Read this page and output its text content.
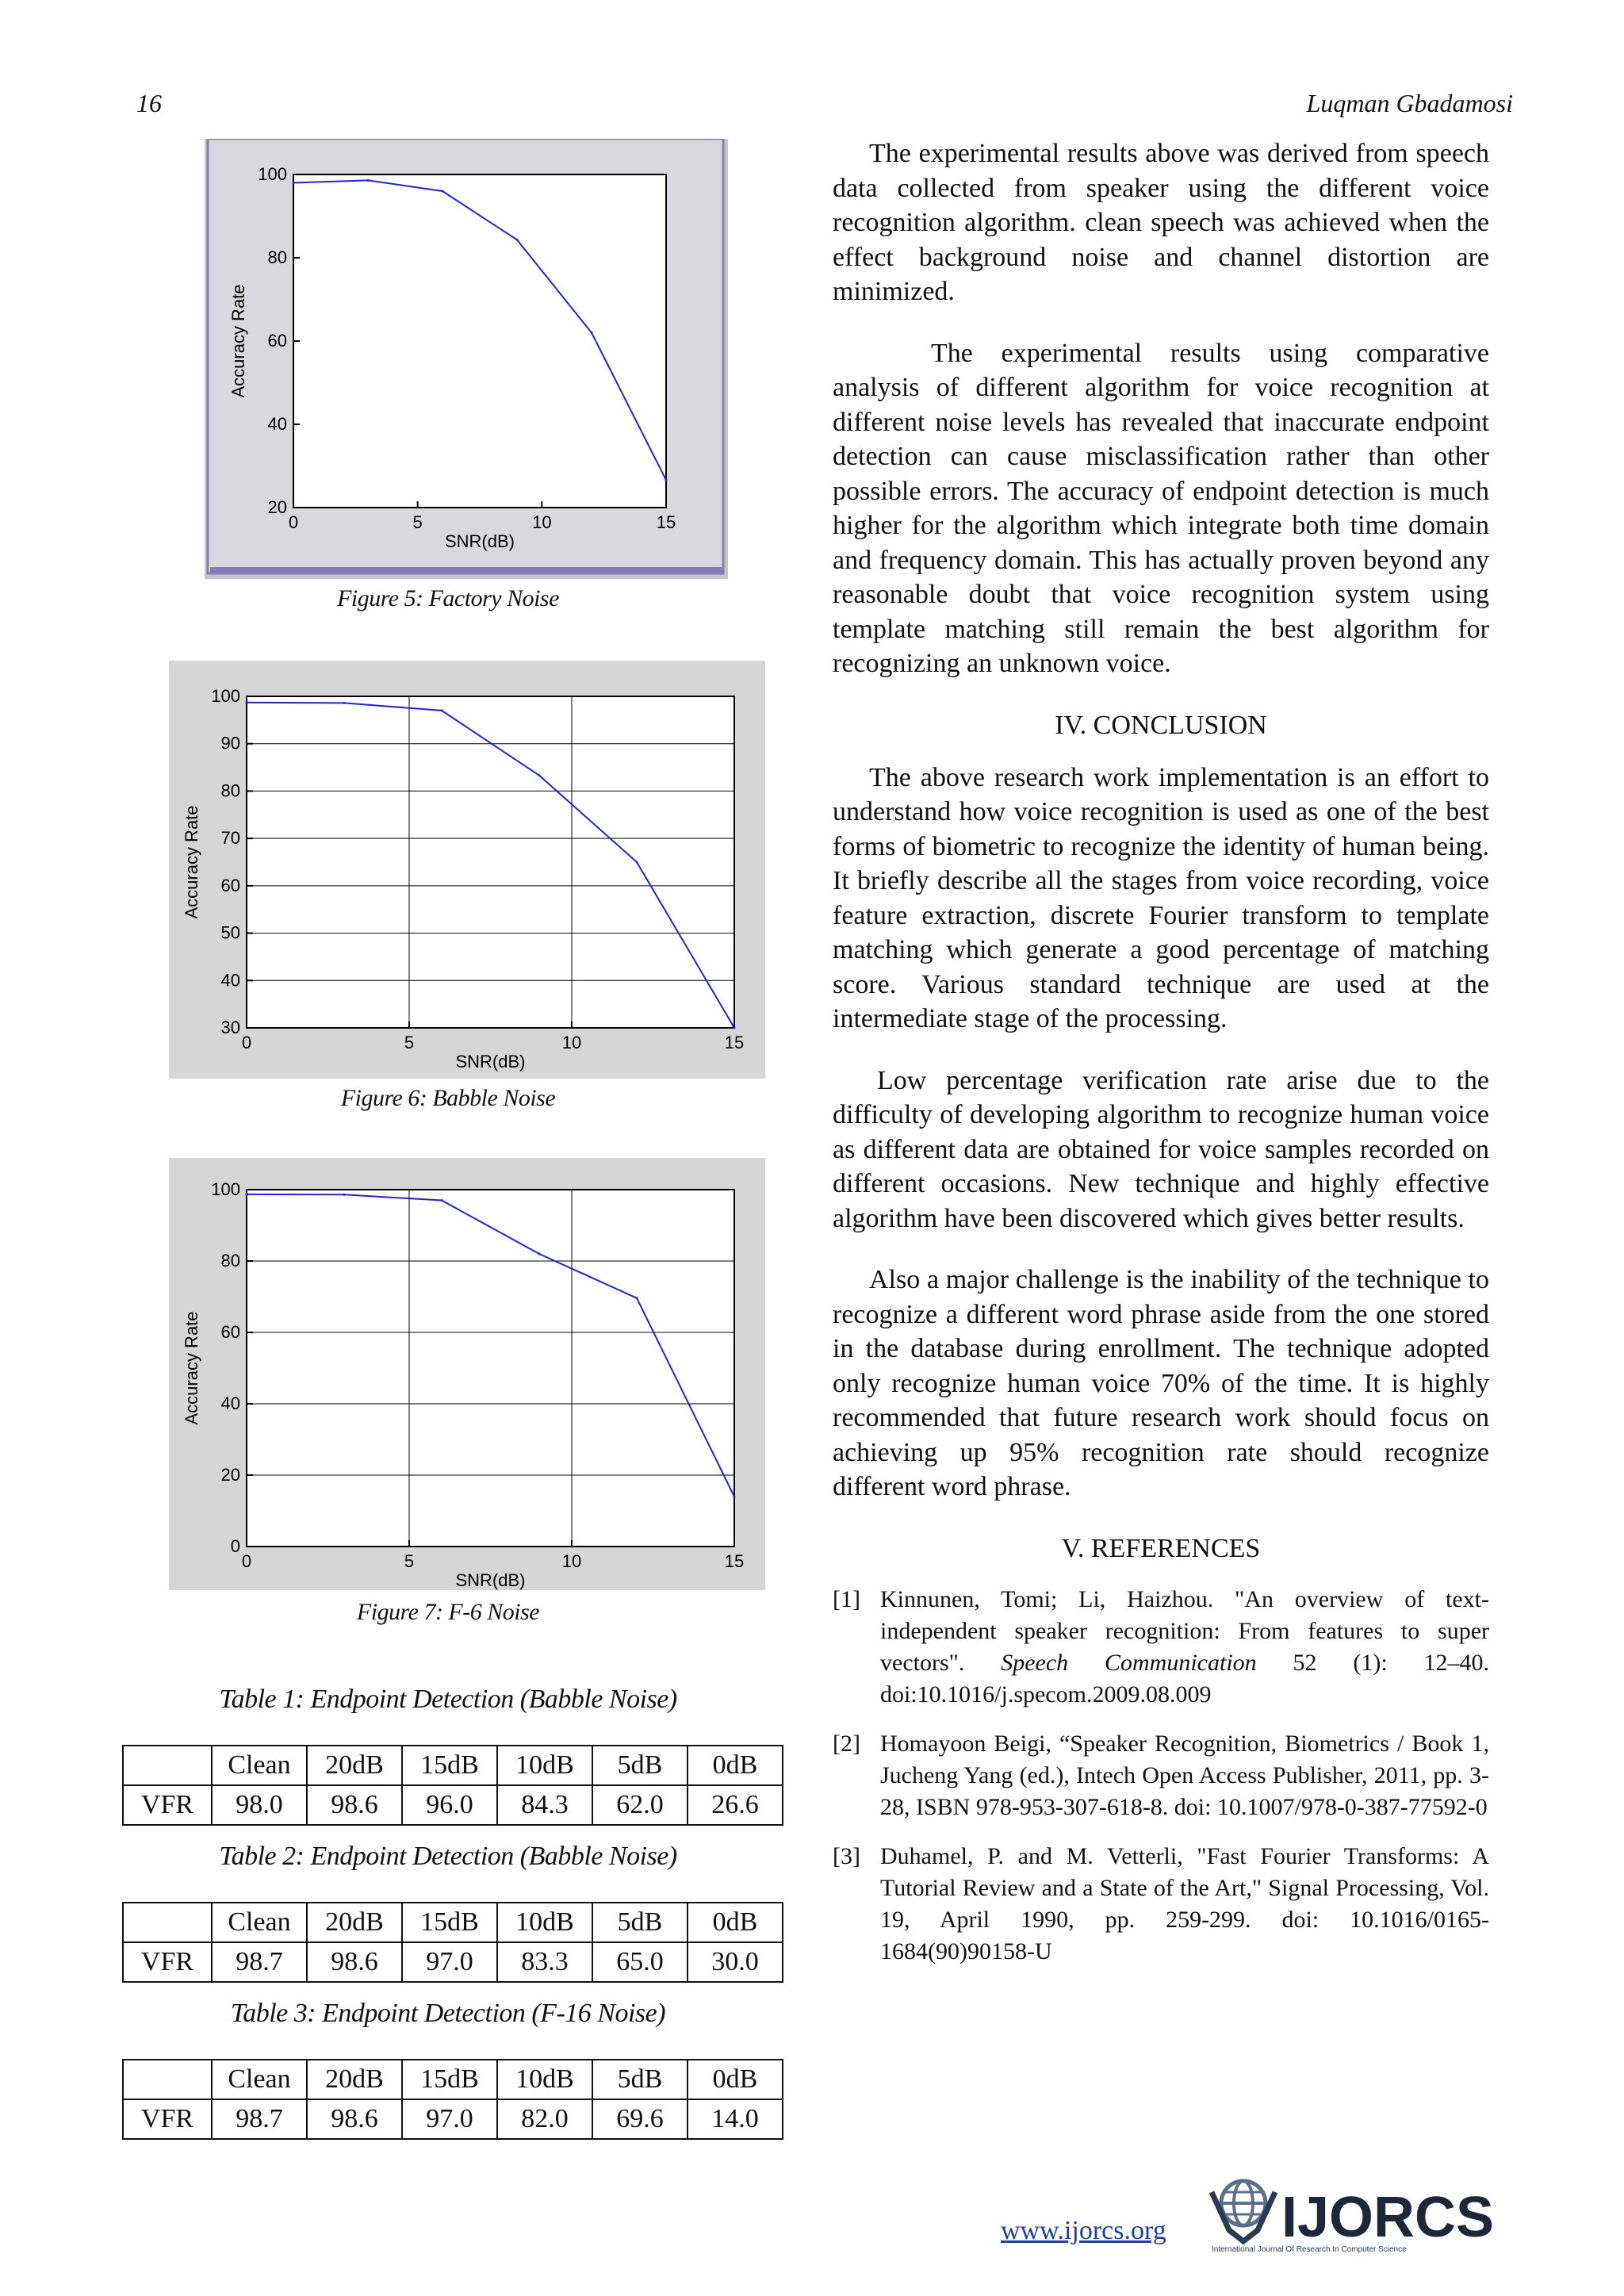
16	Luqman Gbadamosi
0	5	10	15
20
40
60
80
100
SNR(dB)
Accuracy Rate
Figure 5: Factory Noise
0	5	10	15
30
40
50
60
70
80
90
100
SNR(dB)
Accuracy Rate
Figure 6: Babble Noise
0	5	10	15
0
20
40
60
80
100
SNR(dB)
Accuracy Rate
Figure 7: F-6 Noise
Table 1: Endpoint Detection (Babble Noise)
	Clean	20dB	15dB	10dB	5dB	0dB
VFR	98.0	98.6	96.0	84.3	62.0	26.6
Table 2: Endpoint Detection (Babble Noise)
	Clean	20dB	15dB	10dB	5dB	0dB
VFR	98.7	98.6	97.0	83.3	65.0	30.0
Table 3: Endpoint Detection (F-16 Noise)
	Clean	20dB	15dB	10dB	5dB	0dB
VFR	98.7	98.6	97.0	82.0	69.6	14.0

The experimental results above was derived from speech data collected from speaker using the different voice recognition algorithm. clean speech was achieved when the effect background noise and channel distortion are minimized.

The experimental results using comparative analysis of different algorithm for voice recognition at different noise levels has revealed that inaccurate endpoint detection can cause misclassification rather than other possible errors. The accuracy of endpoint detection is much higher for the algorithm which integrate both time domain and frequency domain. This has actually proven beyond any reasonable doubt that voice recognition system using template matching still remain the best algorithm for recognizing an unknown voice.

IV. CONCLUSION

The above research work implementation is an effort to understand how voice recognition is used as one of the best forms of biometric to recognize the identity of human being. It briefly describe all the stages from voice recording, voice feature extraction, discrete Fourier transform to template matching which generate a good percentage of matching score. Various standard technique are used at the intermediate stage of the processing.

Low percentage verification rate arise due to the difficulty of developing algorithm to recognize human voice as different data are obtained for voice samples recorded on different occasions. New technique and highly effective algorithm have been discovered which gives better results.

Also a major challenge is the inability of the technique to recognize a different word phrase aside from the one stored in the database during enrollment. The technique adopted only recognize human voice 70% of the time. It is highly recommended that future research work should focus on achieving up 95% recognition rate should recognize different word phrase.

V. REFERENCES
[1] Kinnunen, Tomi; Li, Haizhou. "An overview of text-independent speaker recognition: From features to super vectors". Speech Communication 52 (1): 12–40. doi:10.1016/j.specom.2009.08.009
[2] Homayoon Beigi, “Speaker Recognition, Biometrics / Book 1, Jucheng Yang (ed.), Intech Open Access Publisher, 2011, pp. 3-28, ISBN 978-953-307-618-8. doi: 10.1007/978-0-387-77592-0
[3] Duhamel, P. and M. Vetterli, "Fast Fourier Transforms: A Tutorial Review and a State of the Art," Signal Processing, Vol. 19, April 1990, pp. 259-299. doi: 10.1016/0165-1684(90)90158-U
www.ijorcs.org IJORCS
International Journal Of Research In Computer Science
